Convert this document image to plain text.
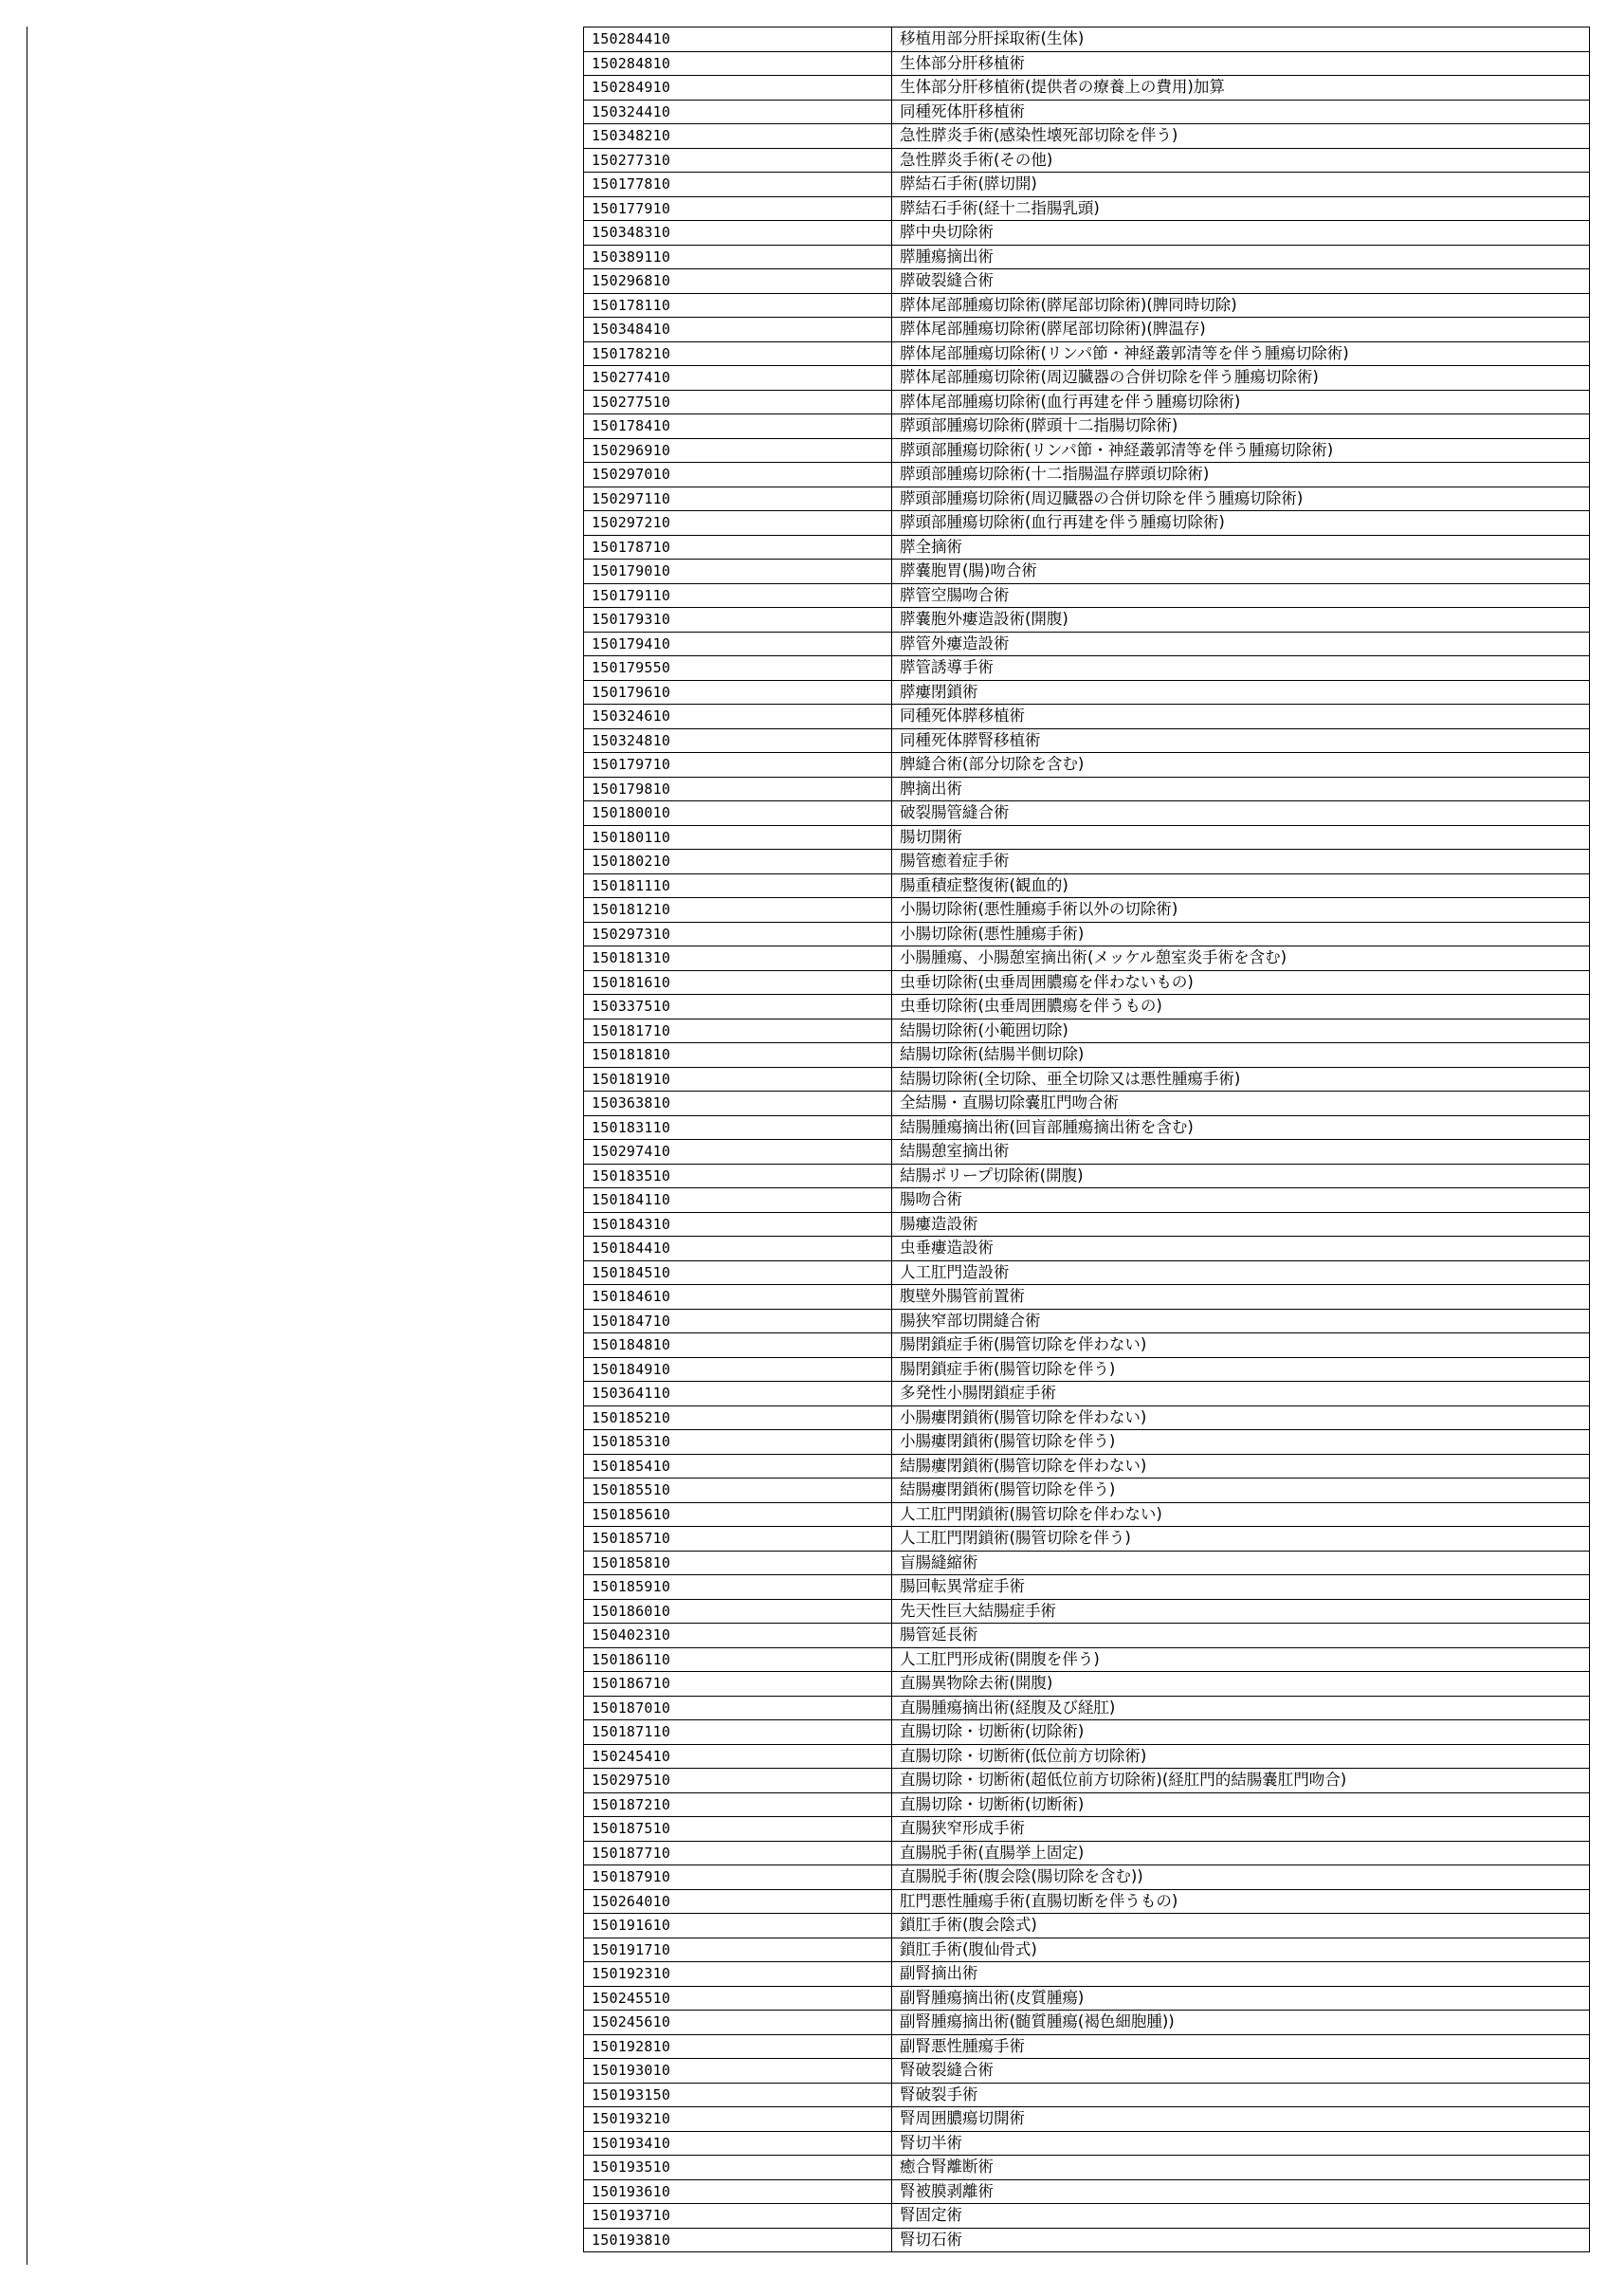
150284410	移植用部分肝採取術(生体)
150284810	生体部分肝移植術
150284910	生体部分肝移植術(提供者の療養上の費用)加算
150324410	同種死体肝移植術
150348210	急性膵炎手術(感染性壊死部切除を伴う)
150277310	急性膵炎手術(その他)
150177810	膵結石手術(膵切開)
150177910	膵結石手術(経十二指腸乳頭)
150348310	膵中央切除術
150389110	膵腫瘍摘出術
150296810	膵破裂縫合術
150178110	膵体尾部腫瘍切除術(膵尾部切除術)(脾同時切除)
150348410	膵体尾部腫瘍切除術(膵尾部切除術)(脾温存)
150178210	膵体尾部腫瘍切除術(リンパ節・神経叢郭清等を伴う腫瘍切除術)
150277410	膵体尾部腫瘍切除術(周辺臓器の合併切除を伴う腫瘍切除術)
150277510	膵体尾部腫瘍切除術(血行再建を伴う腫瘍切除術)
150178410	膵頭部腫瘍切除術(膵頭十二指腸切除術)
150296910	膵頭部腫瘍切除術(リンパ節・神経叢郭清等を伴う腫瘍切除術)
150297010	膵頭部腫瘍切除術(十二指腸温存膵頭切除術)
150297110	膵頭部腫瘍切除術(周辺臓器の合併切除を伴う腫瘍切除術)
150297210	膵頭部腫瘍切除術(血行再建を伴う腫瘍切除術)
150178710	膵全摘術
150179010	膵嚢胞胃(腸)吻合術
150179110	膵管空腸吻合術
150179310	膵嚢胞外瘻造設術(開腹)
150179410	膵管外瘻造設術
150179550	膵管誘導手術
150179610	膵瘻閉鎖術
150324610	同種死体膵移植術
150324810	同種死体膵腎移植術
150179710	脾縫合術(部分切除を含む)
150179810	脾摘出術
150180010	破裂腸管縫合術
150180110	腸切開術
150180210	腸管癒着症手術
150181110	腸重積症整復術(観血的)
150181210	小腸切除術(悪性腫瘍手術以外の切除術)
150297310	小腸切除術(悪性腫瘍手術)
150181310	小腸腫瘍、小腸憩室摘出術(メッケル憩室炎手術を含む)
150181610	虫垂切除術(虫垂周囲膿瘍を伴わないもの)
150337510	虫垂切除術(虫垂周囲膿瘍を伴うもの)
150181710	結腸切除術(小範囲切除)
150181810	結腸切除術(結腸半側切除)
150181910	結腸切除術(全切除、亜全切除又は悪性腫瘍手術)
150363810	全結腸・直腸切除嚢肛門吻合術
150183110	結腸腫瘍摘出術(回盲部腫瘍摘出術を含む)
150297410	結腸憩室摘出術
150183510	結腸ポリープ切除術(開腹)
150184110	腸吻合術
150184310	腸瘻造設術
150184410	虫垂瘻造設術
150184510	人工肛門造設術
150184610	腹壁外腸管前置術
150184710	腸狭窄部切開縫合術
150184810	腸閉鎖症手術(腸管切除を伴わない)
150184910	腸閉鎖症手術(腸管切除を伴う)
150364110	多発性小腸閉鎖症手術
150185210	小腸瘻閉鎖術(腸管切除を伴わない)
150185310	小腸瘻閉鎖術(腸管切除を伴う)
150185410	結腸瘻閉鎖術(腸管切除を伴わない)
150185510	結腸瘻閉鎖術(腸管切除を伴う)
150185610	人工肛門閉鎖術(腸管切除を伴わない)
150185710	人工肛門閉鎖術(腸管切除を伴う)
150185810	盲腸縫縮術
150185910	腸回転異常症手術
150186010	先天性巨大結腸症手術
150402310	腸管延長術
150186110	人工肛門形成術(開腹を伴う)
150186710	直腸異物除去術(開腹)
150187010	直腸腫瘍摘出術(経腹及び経肛)
150187110	直腸切除・切断術(切除術)
150245410	直腸切除・切断術(低位前方切除術)
150297510	直腸切除・切断術(超低位前方切除術)(経肛門的結腸嚢肛門吻合)
150187210	直腸切除・切断術(切断術)
150187510	直腸狭窄形成手術
150187710	直腸脱手術(直腸挙上固定)
150187910	直腸脱手術(腹会陰(腸切除を含む))
150264010	肛門悪性腫瘍手術(直腸切断を伴うもの)
150191610	鎖肛手術(腹会陰式)
150191710	鎖肛手術(腹仙骨式)
150192310	副腎摘出術
150245510	副腎腫瘍摘出術(皮質腫瘍)
150245610	副腎腫瘍摘出術(髄質腫瘍(褐色細胞腫))
150192810	副腎悪性腫瘍手術
150193010	腎破裂縫合術
150193150	腎破裂手術
150193210	腎周囲膿瘍切開術
150193410	腎切半術
150193510	癒合腎離断術
150193610	腎被膜剥離術
150193710	腎固定術
150193810	腎切石術
